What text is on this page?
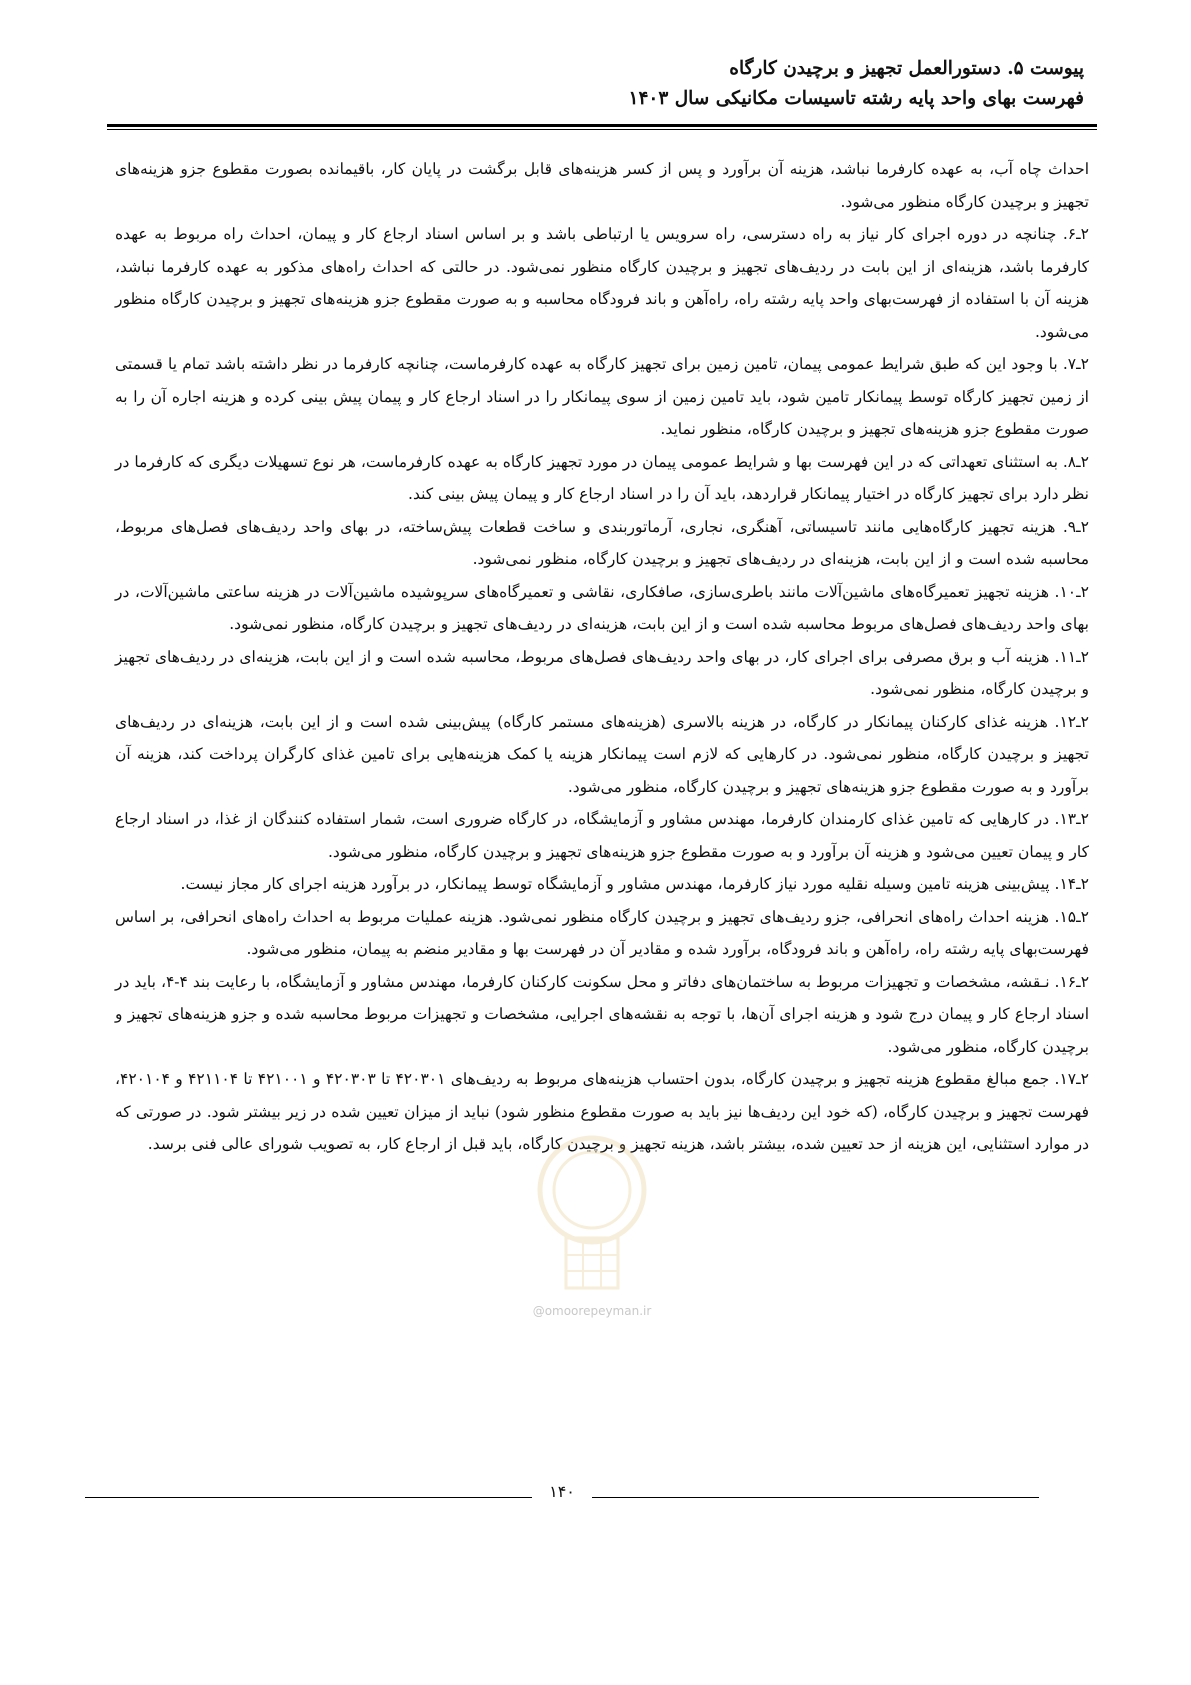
پیوست ۵. دستورالعمل تجهیز و برچیدن کارگاه
فهرست بهای واحد پایه رشته تاسیسات مکانیکی سال ۱۴۰۳

احداث چاه آب، به عهده کارفرما نباشد، هزینه آن برآورد و پس از کسر هزینه‌های قابل برگشت در پایان کار، باقیمانده بصورت مقطوع جزو هزینه‌های تجهیز و برچیدن کارگاه منظور می‌شود.

۲ـ۶. چنانچه در دوره اجرای کار نیاز به راه دسترسی، راه سرویس یا ارتباطی باشد و بر اساس اسناد ارجاع کار و پیمان، احداث راه مربوط به عهده کارفرما باشد، هزینه‌ای از این بابت در ردیف‌های تجهیز و برچیدن کارگاه منظور نمی‌شود. در حالتی که احداث راه‌های مذکور به عهده کارفرما نباشد، هزینه آن با استفاده از فهرست‌بهای واحد پایه رشته راه، راه‌آهن و باند فرودگاه محاسبه و به صورت مقطوع جزو هزینه‌های تجهیز و برچیدن کارگاه منظور می‌شود.

۲ـ۷. با وجود این که طبق شرایط عمومی پیمان، تامین زمین برای تجهیز کارگاه به عهده کارفرماست، چنانچه کارفرما در نظر داشته باشد تمام یا قسمتی از زمین تجهیز کارگاه توسط پیمانکار تامین شود، باید تامین زمین از سوی پیمانکار را در اسناد ارجاع کار و پیمان پیش بینی کرده و هزینه اجاره آن را به صورت مقطوع جزو هزینه‌های تجهیز و برچیدن کارگاه، منظور نماید.

۲ـ۸. به استثنای تعهداتی که در این فهرست بها و شرایط عمومی پیمان در مورد تجهیز کارگاه به عهده کارفرماست، هر نوع تسهیلات دیگری که کارفرما در نظر دارد برای تجهیز کارگاه در اختیار پیمانکار قراردهد، باید آن را در اسناد ارجاع کار و پیمان پیش بینی کند.

۲ـ۹. هزینه تجهیز کارگاه‌هایی مانند تاسیساتی، آهنگری، نجاری، آرماتوربندی و ساخت قطعات پیش‌ساخته، در بهای واحد ردیف‌های فصل‌های مربوط، محاسبه شده است و از این بابت، هزینه‌ای در ردیف‌های تجهیز و برچیدن کارگاه، منظور نمی‌شود.

۲ـ۱۰. هزینه تجهیز تعمیرگاه‌های ماشین‌آلات مانند باطری‌سازی، صافکاری، نقاشی و تعمیرگاه‌های سرپوشیده ماشین‌آلات در هزینه ساعتی ماشین‌آلات، در بهای واحد ردیف‌های فصل‌های مربوط محاسبه شده است و از این بابت، هزینه‌ای در ردیف‌های تجهیز و برچیدن کارگاه، منظور نمی‌شود.

۲ـ۱۱. هزینه آب و برق مصرفی برای اجرای کار، در بهای واحد ردیف‌های فصل‌های مربوط، محاسبه شده است و از این بابت، هزینه‌ای در ردیف‌های تجهیز و برچیدن کارگاه، منظور نمی‌شود.

۲ـ۱۲. هزینه غذای کارکنان پیمانکار در کارگاه، در هزینه بالاسری (هزینه‌های مستمر کارگاه) پیش‌بینی شده است و از این بابت، هزینه‌ای در ردیف‌های تجهیز و برچیدن کارگاه، منظور نمی‌شود. در کارهایی که لازم است پیمانکار هزینه یا کمک هزینه‌هایی برای تامین غذای کارگران پرداخت کند، هزینه آن برآورد و به صورت مقطوع جزو هزینه‌های تجهیز و برچیدن کارگاه، منظور می‌شود.

۲ـ۱۳. در کارهایی که تامین غذای کارمندان کارفرما، مهندس مشاور و آزمایشگاه، در کارگاه ضروری است، شمار استفاده کنندگان از غذا، در اسناد ارجاع کار و پیمان تعیین می‌شود و هزینه آن برآورد و به صورت مقطوع جزو هزینه‌های تجهیز و برچیدن کارگاه، منظور می‌شود.

۲ـ۱۴. پیش‌بینی هزینه تامین وسیله نقلیه مورد نیاز کارفرما، مهندس مشاور و آزمایشگاه توسط پیمانکار، در برآورد هزینه اجرای کار مجاز نیست.

۲ـ۱۵. هزینه احداث راه‌های انحرافی، جزو ردیف‌های تجهیز و برچیدن کارگاه منظور نمی‌شود. هزینه عملیات مربوط به احداث راه‌های انحرافی، بر اساس فهرست‌بهای پایه رشته راه، راه‌آهن و باند فرودگاه، برآورد شده و مقادیر آن در فهرست بها و مقادیر منضم به پیمان، منظور می‌شود.

۲ـ۱۶. نـقشه، مشخصات و تجهیزات مربوط به ساختمان‌های دفاتر و محل سکونت کارکنان کارفرما، مهندس مشاور و آزمایشگاه، با رعایت بند ۴-۴، باید در اسناد ارجاع کار و پیمان درج شود و هزینه اجرای آن‌ها، با توجه به نقشه‌های اجرایی، مشخصات و تجهیزات مربوط محاسبه شده و جزو هزینه‌های تجهیز و برچیدن کارگاه، منظور می‌شود.

۲ـ۱۷. جمع مبالغ مقطوع هزینه تجهیز و برچیدن کارگاه، بدون احتساب هزینه‌های مربوط به ردیف‌های ۴۲۰۳۰۱ تا ۴۲۰۳۰۳ و ۴۲۱۰۰۱ تا ۴۲۱۱۰۴ و ۴۲۰۱۰۴، فهرست تجهیز و برچیدن کارگاه، (که خود این ردیف‌ها نیز باید به صورت مقطوع منظور شود) نباید از میزان تعیین شده در زیر بیشتر شود. در صورتی که در موارد استثنایی، این هزینه از حد تعیین شده، بیشتر باشد، هزینه تجهیز و برچیدن کارگاه، باید قبل از ارجاع کار، به تصویب شورای عالی فنی برسد.

@omoorepeyman.ir
۱۴۰
